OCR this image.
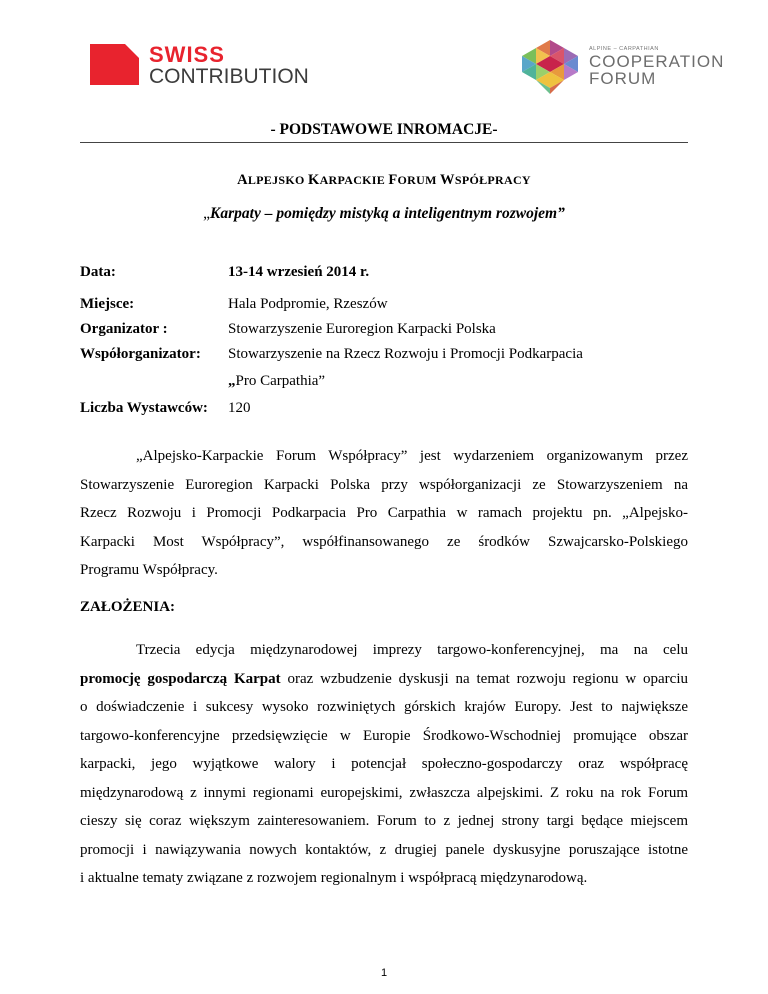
SWISS
CONTRIBUTION
ALPINE – CARPATHIAN
COOPERATION
FORUM
- PODSTAWOWE INROMACJE-
ALPEJSKO KARPACKIE FORUM WSPÓŁPRACY
„Karpaty – pomiędzy mistyką a inteligentnym rozwojem”
Data:	13-14 wrzesień 2014 r.
Miejsce:	Hala Podpromie, Rzeszów
Organizator :	Stowarzyszenie Euroregion Karpacki Polska
Współorganizator: Stowarzyszenie na Rzecz Rozwoju i Promocji Podkarpacia
„Pro Carpathia”
Liczba Wystawców: 120
„Alpejsko-Karpackie Forum Współpracy” jest wydarzeniem organizowanym przez
Stowarzyszenie Euroregion Karpacki Polska przy współorganizacji ze Stowarzyszeniem na
Rzecz Rozwoju i Promocji Podkarpacia Pro Carpathia w ramach projektu pn. „Alpejsko-
Karpacki Most Współpracy”, współfinansowanego ze środków Szwajcarsko-Polskiego
Programu Współpracy.
ZAŁOŻENIA:
Trzecia edycja międzynarodowej imprezy targowo-konferencyjnej, ma na celu
promocję gospodarczą Karpat oraz wzbudzenie dyskusji na temat rozwoju regionu w oparciu
o doświadczenie i sukcesy wysoko rozwiniętych górskich krajów Europy. Jest to największe
targowo-konferencyjne przedsięwzięcie w Europie Środkowo-Wschodniej promujące obszar
karpacki, jego wyjątkowe walory i potencjał społeczno-gospodarczy oraz współpracę
międzynarodową z innymi regionami europejskimi, zwłaszcza alpejskimi. Z roku na rok Forum
cieszy się coraz większym zainteresowaniem. Forum to z jednej strony targi będące miejscem
promocji i nawiązywania nowych kontaktów, z drugiej panele dyskusyjne poruszające istotne
i aktualne tematy związane z rozwojem regionalnym i współpracą międzynarodową.
1
